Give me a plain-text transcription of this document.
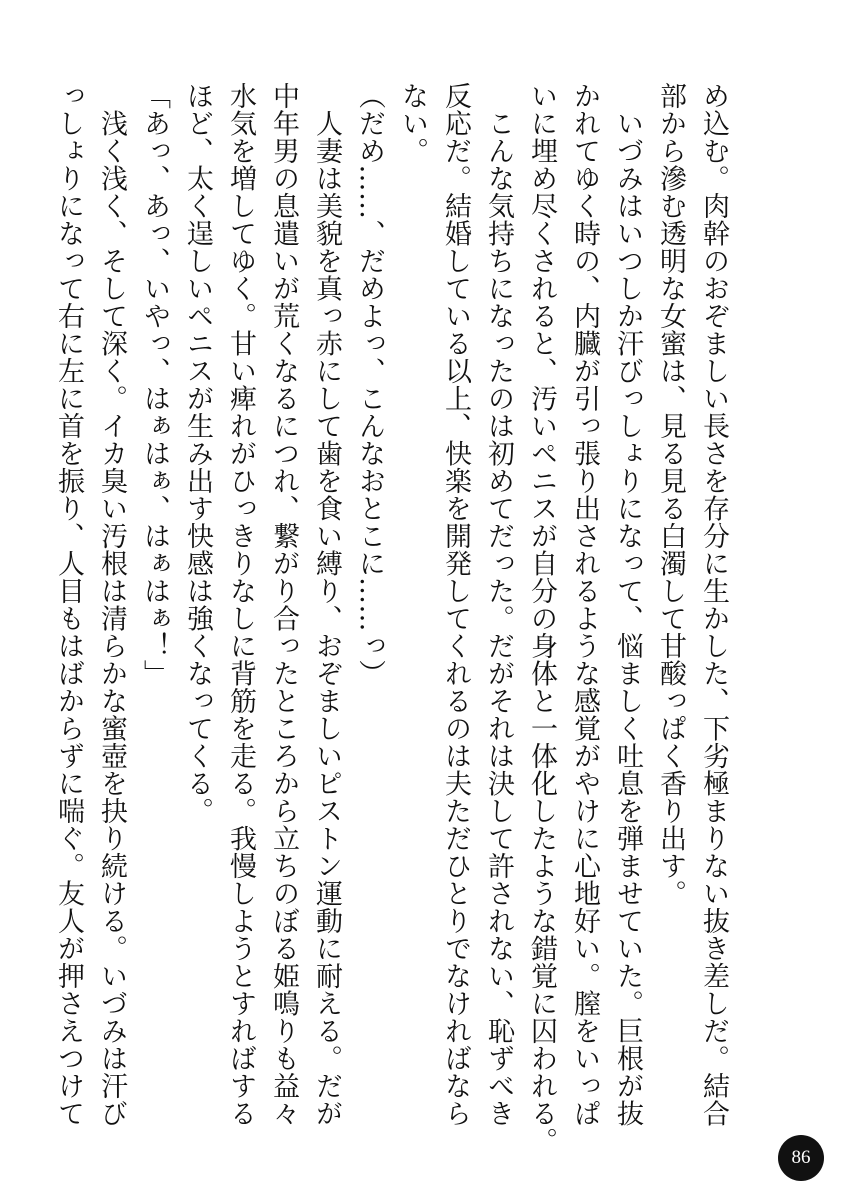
め込む。肉幹のおぞましい長さを存分に生かした、下劣極まりない抜き差しだ。結合

部から滲む透明な女蜜は、見る見る白濁して甘酸っぱく香り出す。

　いづみはいつしか汗びっしょりになって、悩ましく吐息を弾ませていた。巨根が抜

かれてゆく時の、内臓が引っ張り出されるような感覚がやけに心地好い。膣をいっぱ

いに埋め尽くされると、汚いペニスが自分の身体と一体化したような錯覚に囚われる。

　こんな気持ちになったのは初めてだった。だがそれは決して許されない、恥ずべき

反応だ。結婚している以上、快楽を開発してくれるのは夫ただひとりでなければなら

ない。

（だめ……、だめよっ、こんなおとこに……っ）

　人妻は美貌を真っ赤にして歯を食い縛り、おぞましいピストン運動に耐える。だが

中年男の息遣いが荒くなるにつれ、繋がり合ったところから立ちのぼる姫鳴りも益々

水気を増してゆく。甘い痺れがひっきりなしに背筋を走る。我慢しようとすればする

ほど、太く逞しいペニスが生み出す快感は強くなってくる。

「あっ、あっ、いやっ、はぁはぁ、はぁはぁ！」

　浅く浅く、そして深く。イカ臭い汚根は清らかな蜜壺を抉り続ける。いづみは汗び

っしょりになって右に左に首を振り、人目もはばからずに喘ぐ。友人が押さえつけて

86
